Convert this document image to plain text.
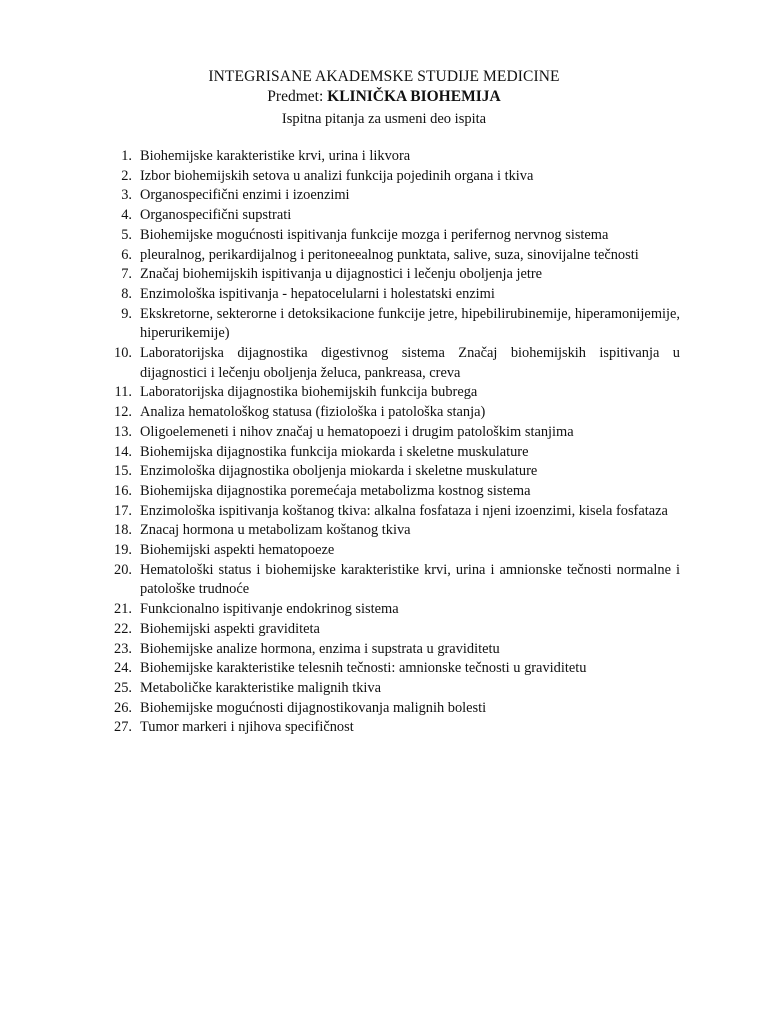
INTEGRISANE AKADEMSKE STUDIJE MEDICINE
Predmet: KLINIČKA BIOHEMIJA
Ispitna pitanja za usmeni deo ispita
1. Biohemijske karakteristike krvi, urina i likvora
2. Izbor biohemijskih setova u analizi funkcija pojedinih organa i tkiva
3. Organospecifični enzimi i izoenzimi
4. Organospecifični supstrati
5. Biohemijske mogućnosti ispitivanja funkcije mozga i perifernog nervnog sistema
6. pleuralnog, perikardijalnog i peritoneealnog punktata, salive, suza, sinovijalne tečnosti
7. Značaj biohemijskih ispitivanja u dijagnostici i lečenju oboljenja jetre
8. Enzimološka ispitivanja - hepatocelularni i holestatski enzimi
9. Ekskretorne, sekterorne i detoksikacione funkcije jetre, hipebilirubinemije, hiperamonijemije, hiperurikemije)
10. Laboratorijska dijagnostika digestivnog sistema Značaj biohemijskih ispitivanja u dijagnostici i lečenju oboljenja želuca, pankreasa, creva
11. Laboratorijska dijagnostika biohemijskih funkcija bubrega
12. Analiza hematološkog statusa (fiziološka i patološka stanja)
13. Oligoelemeneti i nihov značaj u hematopoezi i drugim patološkim stanjima
14. Biohemijska dijagnostika funkcija miokarda i skeletne muskulature
15. Enzimološka dijagnostika oboljenja miokarda i skeletne muskulature
16. Biohemijska dijagnostika poremećaja metabolizma kostnog sistema
17. Enzimološka ispitivanja koštanog tkiva: alkalna fosfataza i njeni izoenzimi, kisela fosfataza
18. Znacaj hormona u metabolizam koštanog tkiva
19. Biohemijski aspekti hematopoeze
20. Hematološki status i biohemijske karakteristike krvi, urina i amnionske tečnosti normalne i patološke trudnoće
21. Funkcionalno ispitivanje endokrinog sistema
22. Biohemijski aspekti graviditeta
23. Biohemijske analize hormona, enzima i supstrata u graviditetu
24. Biohemijske karakteristike telesnih tečnosti: amnionske tečnosti u graviditetu
25. Metaboličke karakteristike malignih tkiva
26. Biohemijske mogućnosti dijagnostikovanja malignih bolesti
27. Tumor markeri i njihova specifičnost
